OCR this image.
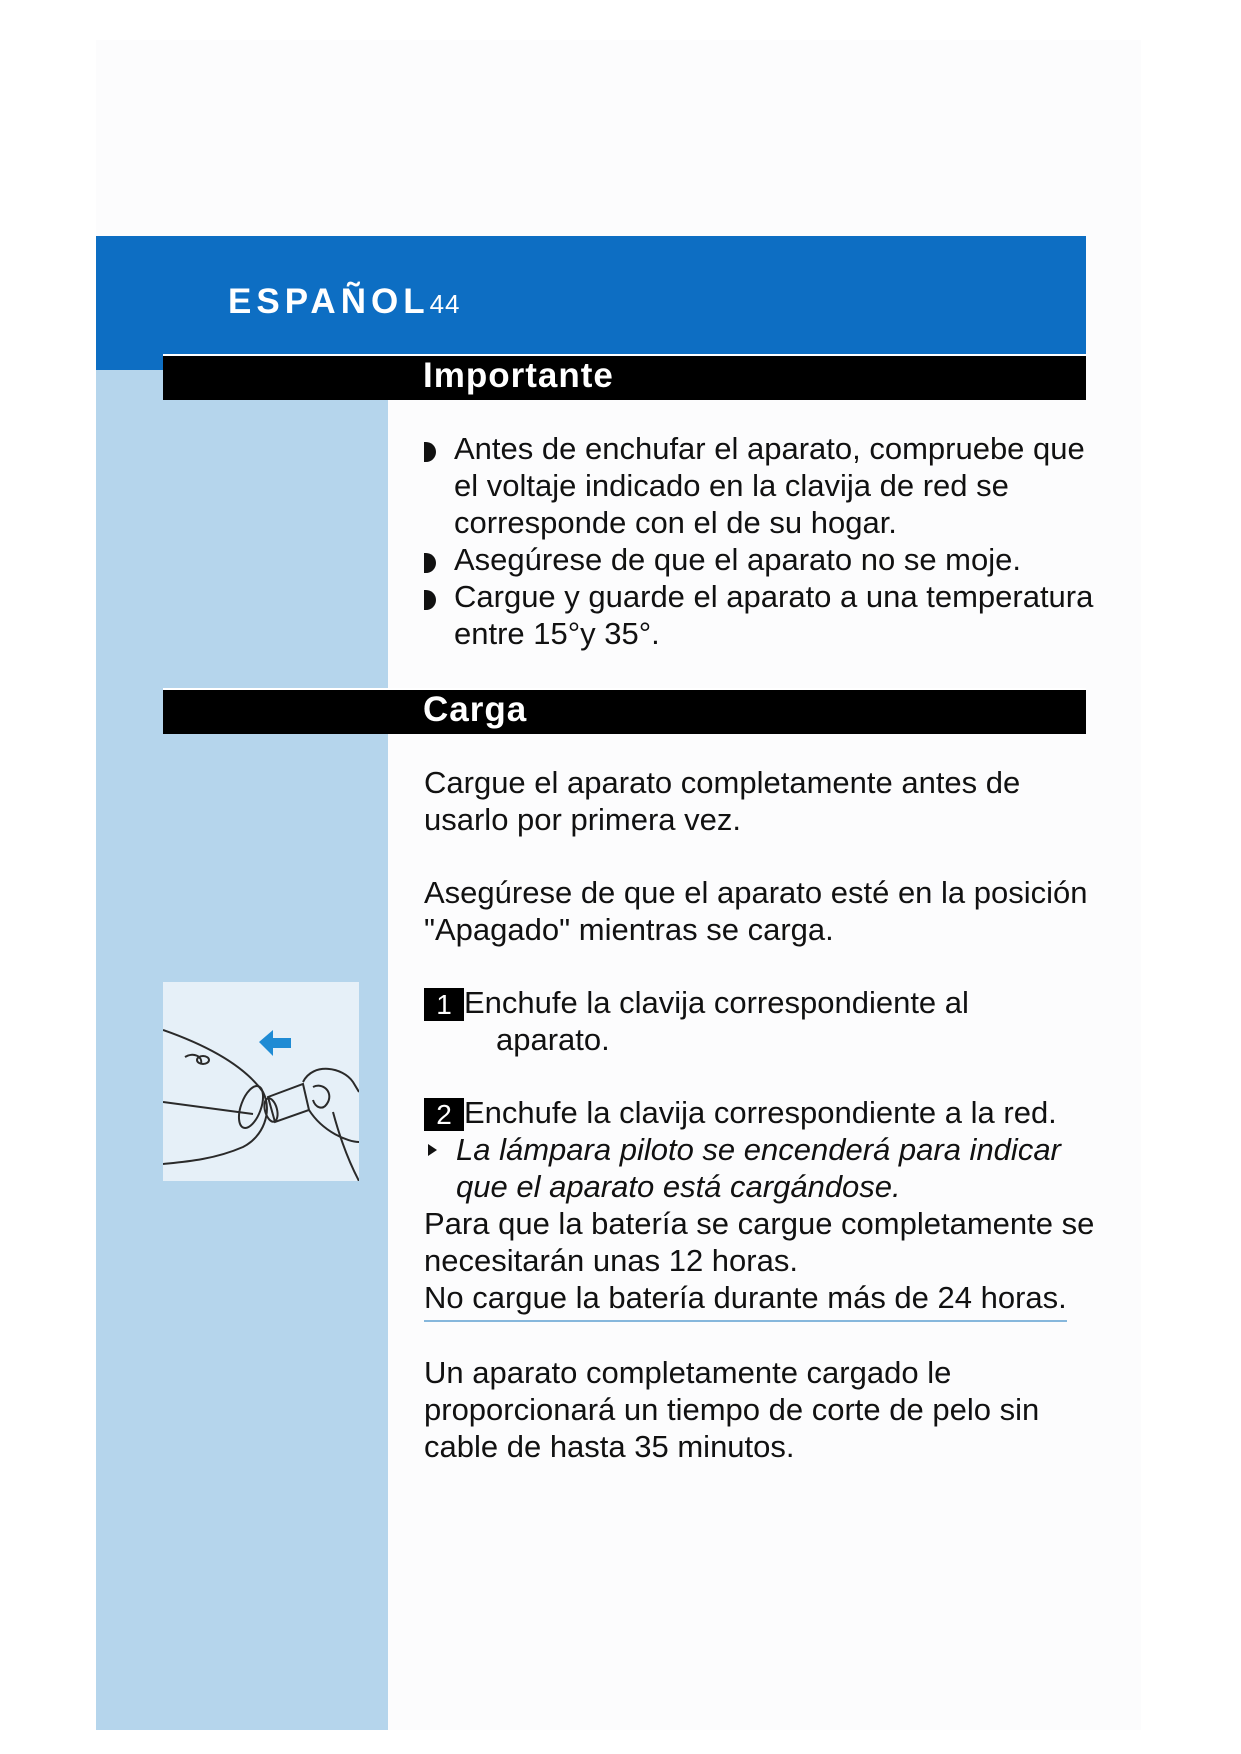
ESPAÑOL44
Importante
Antes de enchufar el aparato, compruebe que el voltaje indicado en la clavija de red se corresponde con el de su hogar.
Asegúrese de que el aparato no se moje.
Cargue y guarde el aparato a una temperatura entre 15°y 35°.
Carga

Cargue el aparato completamente antes de usarlo por primera vez.

Asegúrese de que el aparato esté en la posición "Apagado" mientras se carga.

1 Enchufe la clavija correspondiente al
aparato.
2 Enchufe la clavija correspondiente a la red.
La lámpara piloto se encenderá para indicar que el aparato está cargándose.

Para que la batería se cargue completamente se necesitarán unas 12 horas.

No cargue la batería durante más de 24 horas.

Un aparato completamente cargado le proporcionará un tiempo de corte de pelo sin cable de hasta 35 minutos.
